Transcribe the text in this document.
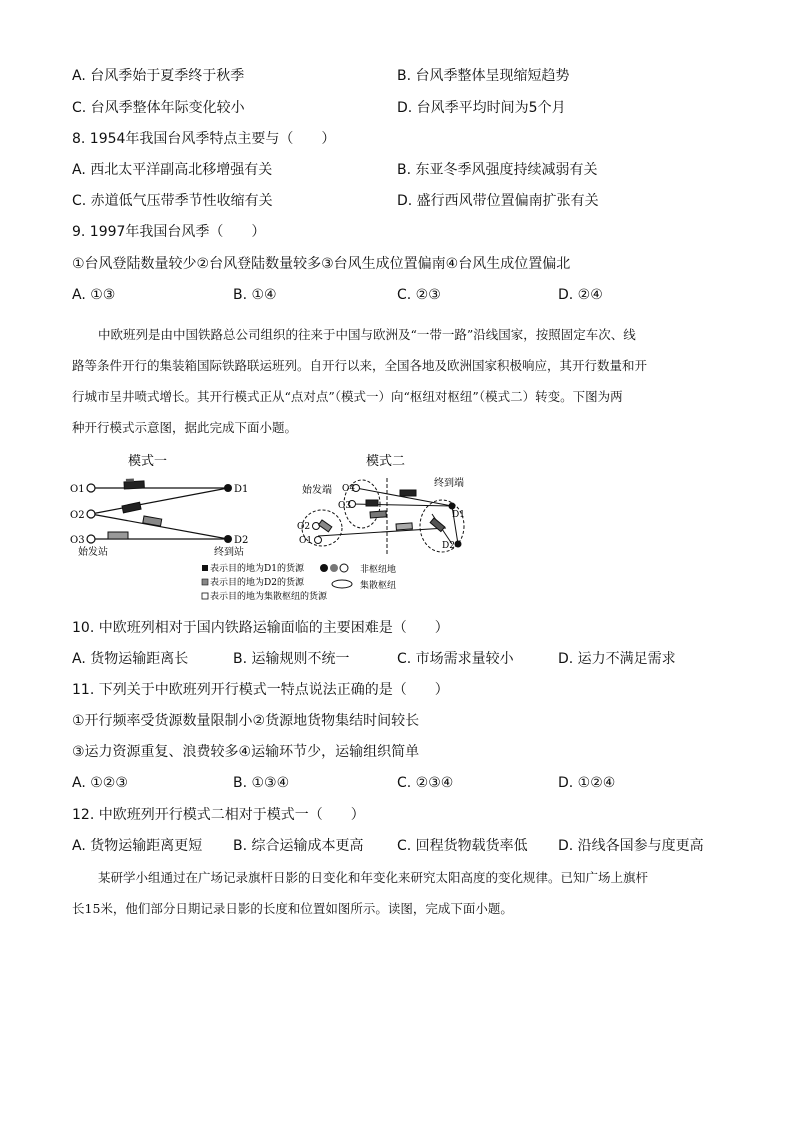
A. 台风季始于夏季终于秋季	B. 台风季整体呈现缩短趋势
C. 台风季整体年际变化较小	D. 台风季平均时间为5个月
8. 1954年我国台风季特点主要与（　　）
A. 西北太平洋副高北移增强有关	B. 东亚冬季风强度持续减弱有关
C. 赤道低气压带季节性收缩有关	D. 盛行西风带位置偏南扩张有关
9. 1997年我国台风季（　　）
①台风登陆数量较少②台风登陆数量较多③台风生成位置偏南④台风生成位置偏北
A. ①③	B. ①④	C. ②③	D. ②④
中欧班列是由中国铁路总公司组织的往来于中国与欧洲及“一带一路”沿线国家，按照固定车次、线
路等条件开行的集装箱国际铁路联运班列。自开行以来，全国各地及欧洲国家积极响应，其开行数量和开
行城市呈井喷式增长。其开行模式正从“点对点”（模式一）向“枢纽对枢纽”（模式二）转变。下图为两
种开行模式示意图，据此完成下面小题。
模式一
O1
O2
O3
D1
D2
始发站	终到站
模式二
始发端
终到端
O4
O3
O2
O1
D1
D2
表示目的地为D1的货源
表示目的地为D2的货源
表示目的地为集散枢纽的货源
非枢纽地
集散枢纽
10. 中欧班列相对于国内铁路运输面临的主要困难是（　　）
A. 货物运输距离长	B. 运输规则不统一	C. 市场需求量较小	D. 运力不满足需求
11. 下列关于中欧班列开行模式一特点说法正确的是（　　）
①开行频率受货源数量限制小②货源地货物集结时间较长
③运力资源重复、浪费较多④运输环节少，运输组织简单
A. ①②③	B. ①③④	C. ②③④	D. ①②④
12. 中欧班列开行模式二相对于模式一（　　）
A. 货物运输距离更短 B. 综合运输成本更高 C. 回程货物载货率低 D. 沿线各国参与度更高
某研学小组通过在广场记录旗杆日影的日变化和年变化来研究太阳高度的变化规律。已知广场上旗杆
长15米，他们部分日期记录日影的长度和位置如图所示。读图，完成下面小题。
